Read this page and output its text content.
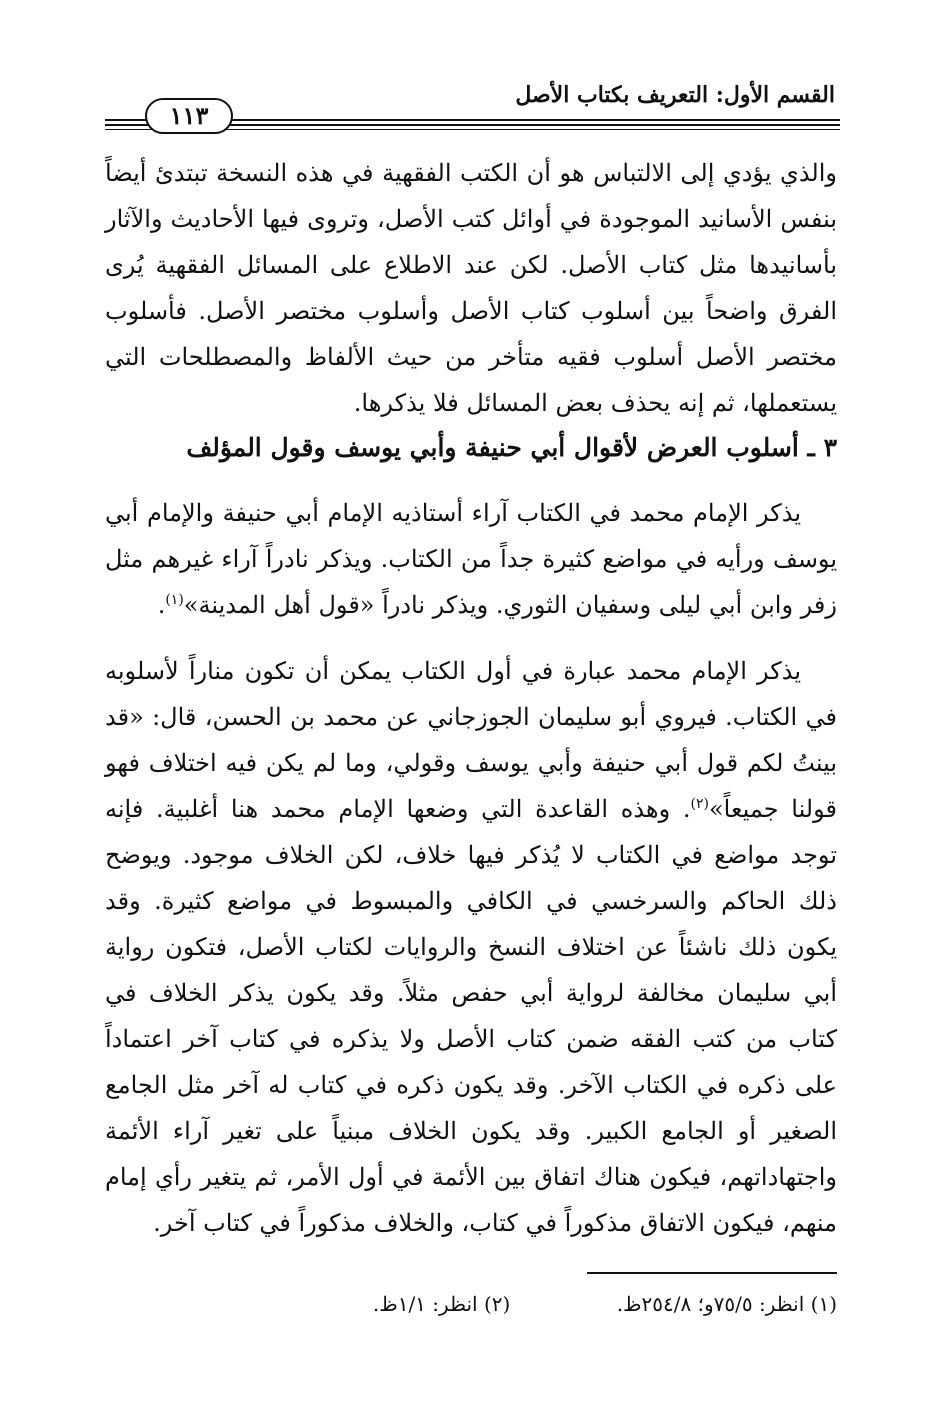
القسم الأول: التعريف بكتاب الأصل
١١٣

والذي يؤدي إلى الالتباس هو أن الكتب الفقهية في هذه النسخة تبتدئ أيضاً بنفس الأسانيد الموجودة في أوائل كتب الأصل، وتروى فيها الأحاديث والآثار بأسانيدها مثل كتاب الأصل. لكن عند الاطلاع على المسائل الفقهية يُرى الفرق واضحاً بين أسلوب كتاب الأصل وأسلوب مختصر الأصل. فأسلوب مختصر الأصل أسلوب فقيه متأخر من حيث الألفاظ والمصطلحات التي يستعملها، ثم إنه يحذف بعض المسائل فلا يذكرها.

٣ ـ أسلوب العرض لأقوال أبي حنيفة وأبي يوسف وقول المؤلف

يذكر الإمام محمد في الكتاب آراء أستاذيه الإمام أبي حنيفة والإمام أبي يوسف ورأيه في مواضع كثيرة جداً من الكتاب. ويذكر نادراً آراء غيرهم مثل زفر وابن أبي ليلى وسفيان الثوري. ويذكر نادراً «قول أهل المدينة»$^{(١)}$.

يذكر الإمام محمد عبارة في أول الكتاب يمكن أن تكون مناراً لأسلوبه في الكتاب. فيروي أبو سليمان الجوزجاني عن محمد بن الحسن، قال: «قد بينتُ لكم قول أبي حنيفة وأبي يوسف وقولي، وما لم يكن فيه اختلاف فهو قولنا جميعاً»$^{(٢)}$. وهذه القاعدة التي وضعها الإمام محمد هنا أغلبية. فإنه توجد مواضع في الكتاب لا يُذكر فيها خلاف، لكن الخلاف موجود. ويوضح ذلك الحاكم والسرخسي في الكافي والمبسوط في مواضع كثيرة. وقد يكون ذلك ناشئاً عن اختلاف النسخ والروايات لكتاب الأصل، فتكون رواية أبي سليمان مخالفة لرواية أبي حفص مثلاً. وقد يكون يذكر الخلاف في كتاب من كتب الفقه ضمن كتاب الأصل ولا يذكره في كتاب آخر اعتماداً على ذكره في الكتاب الآخر. وقد يكون ذكره في كتاب له آخر مثل الجامع الصغير أو الجامع الكبير. وقد يكون الخلاف مبنياً على تغير آراء الأئمة واجتهاداتهم، فيكون هناك اتفاق بين الأئمة في أول الأمر، ثم يتغير رأي إمام منهم، فيكون الاتفاق مذكوراً في كتاب، والخلاف مذكوراً في كتاب آخر.

(١) انظر: ٧٥/٥و؛ ٢٥٤/٨ظ. (٢) انظر: ١/١ظ.
